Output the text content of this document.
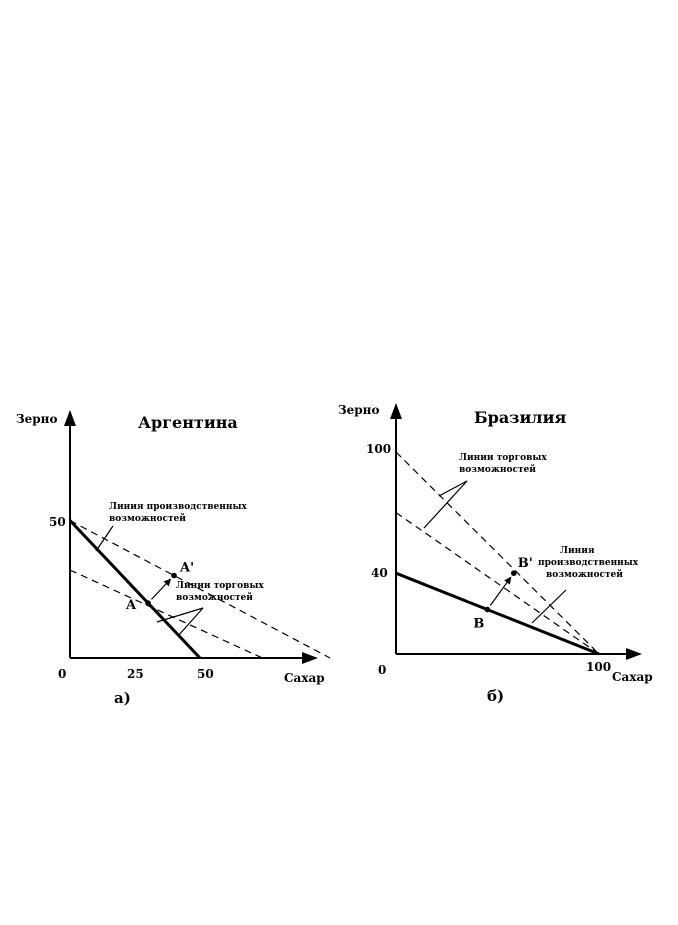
A
A'
Зерно	Аргентина
50
0	25	50	Сахар
а)
Линия производственных возможностей
Линии торговых возможностей
B
B'
Зерно	Бразилия
100
40
0	100
Сахар
б)
Линии торговых возможностей
Линия производственных возможностей
